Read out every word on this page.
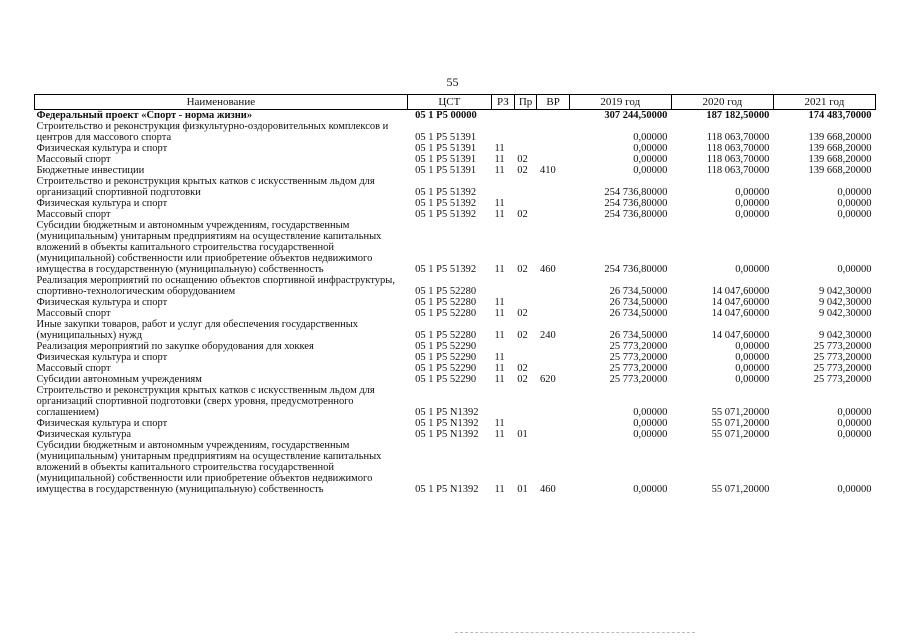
55
Наименование	ЦСТ	РЗ	Пр	ВР	2019 год	2020 год	2021 год
Федеральный проект «Спорт - норма жизни»	05 1 P5 00000				307 244,50000	187 182,50000	174 483,70000
Строительство и реконструкция физкультурно-оздоровительных комплексов и центров для массового спорта	05 1 P5 51391				0,00000	118 063,70000	139 668,20000
Физическая культура и спорт	05 1 P5 51391	11			0,00000	118 063,70000	139 668,20000
Массовый спорт	05 1 P5 51391	11	02		0,00000	118 063,70000	139 668,20000
Бюджетные инвестиции	05 1 P5 51391	11	02	410	0,00000	118 063,70000	139 668,20000
Строительство и реконструкция крытых катков с искусственным льдом для организаций спортивной подготовки	05 1 P5 51392				254 736,80000	0,00000	0,00000
Физическая культура и спорт	05 1 P5 51392	11			254 736,80000	0,00000	0,00000
Массовый спорт	05 1 P5 51392	11	02		254 736,80000	0,00000	0,00000
Субсидии бюджетным и автономным учреждениям, государственным (муниципальным) унитарным предприятиям на осуществление капитальных вложений в объекты капитального строительства государственной (муниципальной) собственности или приобретение объектов недвижимого имущества в государственную (муниципальную) собственность	05 1 P5 51392	11	02	460	254 736,80000	0,00000	0,00000
Реализация мероприятий по оснащению объектов спортивной инфраструктуры, спортивно-технологическим оборудованием	05 1 P5 52280				26 734,50000	14 047,60000	9 042,30000
Физическая культура и спорт	05 1 P5 52280	11			26 734,50000	14 047,60000	9 042,30000
Массовый спорт	05 1 P5 52280	11	02		26 734,50000	14 047,60000	9 042,30000
Иные закупки товаров, работ и услуг для обеспечения государственных (муниципальных) нужд	05 1 P5 52280	11	02	240	26 734,50000	14 047,60000	9 042,30000
Реализация мероприятий по закупке оборудования для хоккея	05 1 P5 52290				25 773,20000	0,00000	25 773,20000
Физическая культура и спорт	05 1 P5 52290	11			25 773,20000	0,00000	25 773,20000
Массовый спорт	05 1 P5 52290	11	02		25 773,20000	0,00000	25 773,20000
Субсидии автономным учреждениям	05 1 P5 52290	11	02	620	25 773,20000	0,00000	25 773,20000
Строительство и реконструкция крытых катков с искусственным льдом для организаций спортивной подготовки (сверх уровня, предусмотренного соглашением)	05 1 P5 N1392				0,00000	55 071,20000	0,00000
Физическая культура и спорт	05 1 P5 N1392	11			0,00000	55 071,20000	0,00000
Физическая культура	05 1 P5 N1392	11	01		0,00000	55 071,20000	0,00000
Субсидии бюджетным и автономным учреждениям, государственным (муниципальным) унитарным предприятиям на осуществление капитальных вложений в объекты капитального строительства государственной (муниципальной) собственности или приобретение объектов недвижимого имущества в государственную (муниципальную) собственность	05 1 P5 N1392	11	01	460	0,00000	55 071,20000	0,00000
